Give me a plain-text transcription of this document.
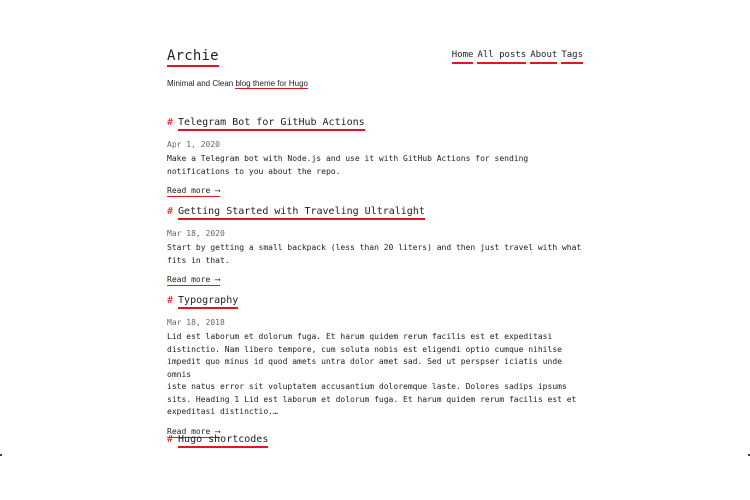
Archie	Home All posts About Tags
Minimal and Clean blog theme for Hugo
# Telegram Bot for GitHub Actions
Apr 1, 2020
Make a Telegram bot with Node.js and use it with GitHub Actions for sending
notifications to you about the repo.
Read more ⟶
# Getting Started with Traveling Ultralight
Mar 18, 2020
Start by getting a small backpack (less than 20 liters) and then just travel with what
fits in that.
Read more ⟶
# Typography
Mar 18, 2018
Lid est laborum et dolorum fuga. Et harum quidem rerum facilis est et expeditasi
distinctio. Nam libero tempore, cum soluta nobis est eligendi optio cumque nihilse
impedit quo minus id quod amets untra dolor amet sad. Sed ut perspser iciatis unde omnis
iste natus error sit voluptatem accusantium doloremque laste. Dolores sadips ipsums
sits. Heading 1 Lid est laborum et dolorum fuga. Et harum quidem rerum facilis est et
expeditasi distinctio.…
Read more ⟶
# Hugo shortcodes
